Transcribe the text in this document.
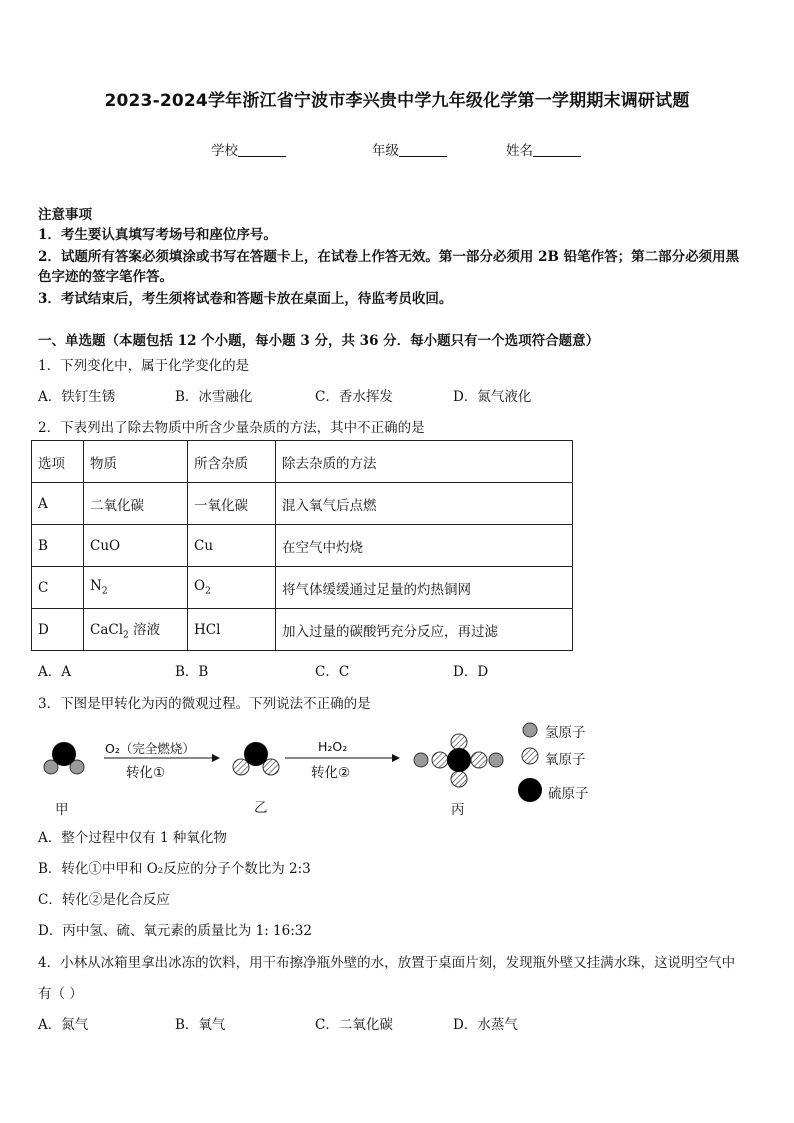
2023-2024学年浙江省宁波市李兴贵中学九年级化学第一学期期末调研试题
学校	年级	姓名
注意事项
1．考生要认真填写考场号和座位序号。
2．试题所有答案必须填涂或书写在答题卡上，在试卷上作答无效。第一部分必须用 2B 铅笔作答；第二部分必须用黑
色字迹的签字笔作答。
3．考试结束后，考生须将试卷和答题卡放在桌面上，待监考员收回。
一、单选题（本题包括 12 个小题，每小题 3 分，共 36 分．每小题只有一个选项符合题意）
1．下列变化中，属于化学变化的是
A．铁钉生锈	B．冰雪融化	C．香水挥发	D．氮气液化
2．下表列出了除去物质中所含少量杂质的方法，其中不正确的是
选项	物质	所含杂质	除去杂质的方法
A	二氧化碳	一氧化碳	混入氧气后点燃
B	CuO	Cu	在空气中灼烧
C	$N_2$	$O_2$	将气体缓缓通过足量的灼热铜网
D	CaCl$_2$ 溶液	HCl	加入过量的碳酸钙充分反应，再过滤
A．A	B．B	C．C	D．D
3．下图是甲转化为丙的微观过程。下列说法不正确的是
O₂（完全燃烧）
转化①
H₂O₂
转化②
甲	乙	丙
氢原子
氧原子
硫原子
A．整个过程中仅有 1 种氧化物
B．转化①中甲和 O₂反应的分子个数比为 2:3
C．转化②是化合反应
D．丙中氢、硫、氧元素的质量比为 1: 16:32
4．小林从冰箱里拿出冰冻的饮料，用干布擦净瓶外壁的水，放置于桌面片刻，发现瓶外壁又挂满水珠，这说明空气中
有（ ）
A．氮气	B．氧气	C．二氧化碳	D．水蒸气
